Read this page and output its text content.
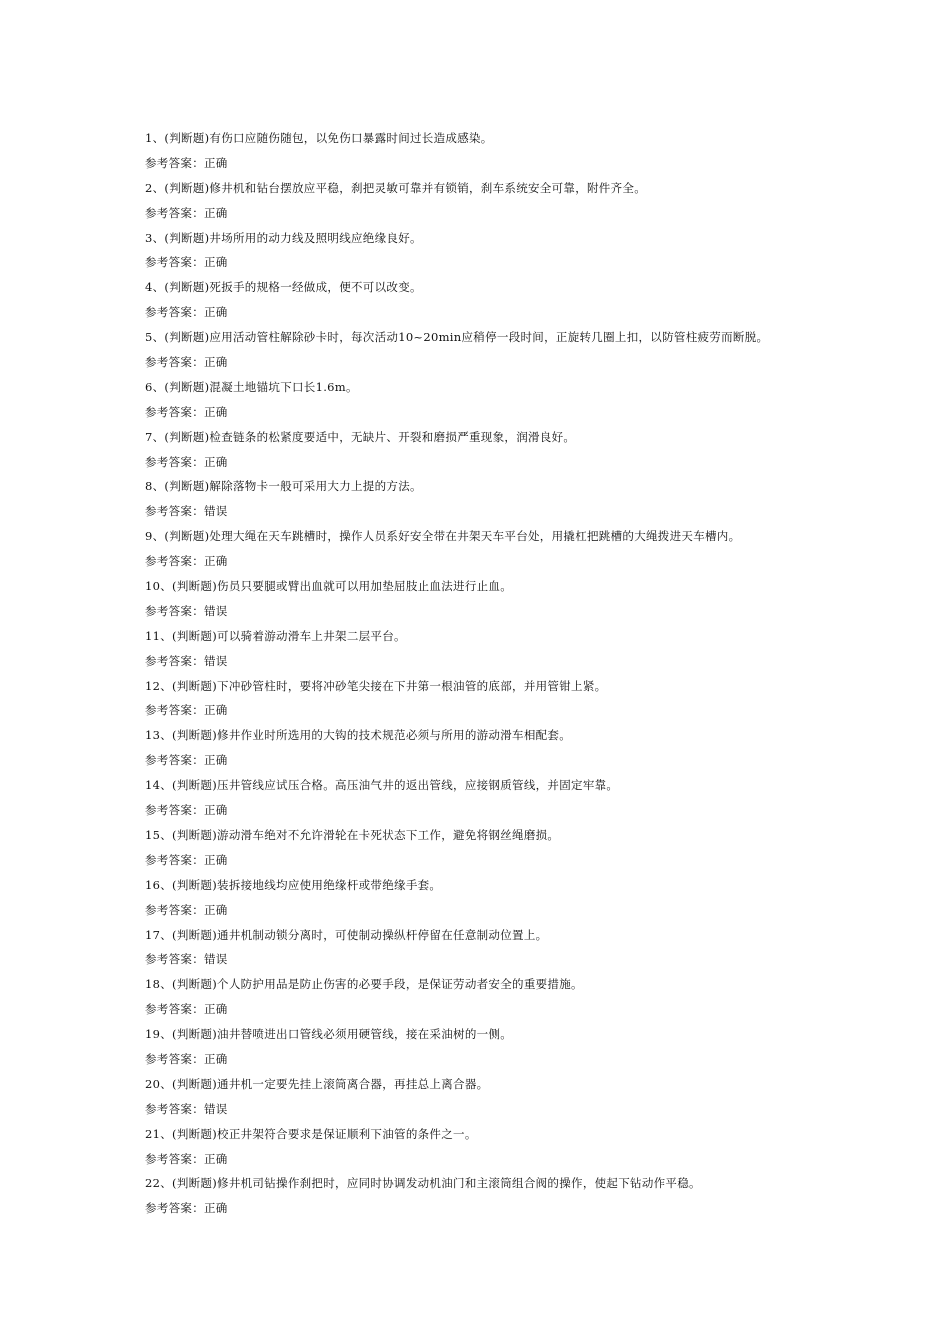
1、(判断题)有伤口应随伤随包，以免伤口暴露时间过长造成感染。
参考答案：正确
2、(判断题)修井机和钻台摆放应平稳，刹把灵敏可靠并有锁销，刹车系统安全可靠，附件齐全。
参考答案：正确
3、(判断题)井场所用的动力线及照明线应绝缘良好。
参考答案：正确
4、(判断题)死扳手的规格一经做成，便不可以改变。
参考答案：正确
5、(判断题)应用活动管柱解除砂卡时，每次活动10~20min应稍停一段时间，正旋转几圈上扣，以防管柱疲劳而断脱。
参考答案：正确
6、(判断题)混凝土地锚坑下口长1.6m。
参考答案：正确
7、(判断题)检查链条的松紧度要适中，无缺片、开裂和磨损严重现象，润滑良好。
参考答案：正确
8、(判断题)解除落物卡一般可采用大力上提的方法。
参考答案：错误
9、(判断题)处理大绳在天车跳槽时，操作人员系好安全带在井架天车平台处，用撬杠把跳槽的大绳拨进天车槽内。
参考答案：正确
10、(判断题)伤员只要腿或臂出血就可以用加垫屈肢止血法进行止血。
参考答案：错误
11、(判断题)可以骑着游动滑车上井架二层平台。
参考答案：错误
12、(判断题)下冲砂管柱时，要将冲砂笔尖接在下井第一根油管的底部，并用管钳上紧。
参考答案：正确
13、(判断题)修井作业时所选用的大钩的技术规范必须与所用的游动滑车相配套。
参考答案：正确
14、(判断题)压井管线应试压合格。高压油气井的返出管线，应接钢质管线，并固定牢靠。
参考答案：正确
15、(判断题)游动滑车绝对不允许滑轮在卡死状态下工作，避免将钢丝绳磨损。
参考答案：正确
16、(判断题)装拆接地线均应使用绝缘杆或带绝缘手套。
参考答案：正确
17、(判断题)通井机制动锁分离时，可使制动操纵杆停留在任意制动位置上。
参考答案：错误
18、(判断题)个人防护用品是防止伤害的必要手段，是保证劳动者安全的重要措施。
参考答案：正确
19、(判断题)油井替喷进出口管线必须用硬管线，接在采油树的一侧。
参考答案：正确
20、(判断题)通井机一定要先挂上滚筒离合器，再挂总上离合器。
参考答案：错误
21、(判断题)校正井架符合要求是保证顺利下油管的条件之一。
参考答案：正确
22、(判断题)修井机司钻操作刹把时，应同时协调发动机油门和主滚筒组合阀的操作，使起下钻动作平稳。
参考答案：正确
